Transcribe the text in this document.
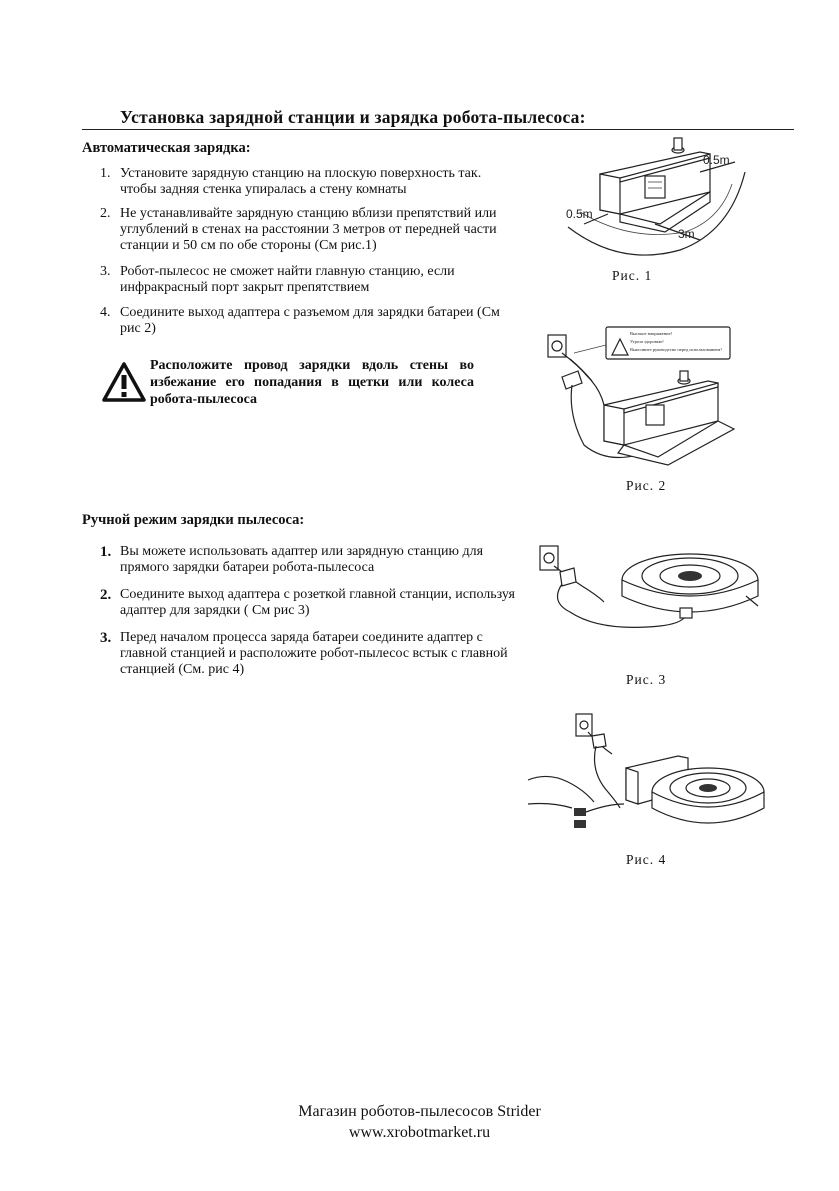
Установка зарядной станции и зарядка робота-пылесоса:
Автоматическая зарядка:
1. Установите зарядную станцию на плоскую поверхность так. чтобы задняя стенка упиралась а стену комнаты
2. Не устанавливайте зарядную станцию вблизи препятствий или углублений в стенах на расстоянии 3 метров от передней части станции и 50 см по обе стороны (См рис.1)
3. Робот-пылесос не сможет найти главную станцию, если инфракрасный порт закрыт препятствием
4. Соедините выход адаптера с разъемом для зарядки батареи (См рис 2)
Расположите провод зарядки вдоль стены во избежание его попадания в щетки или колеса робота-пылесоса
Ручной режим зарядки пылесоса:
1. Вы можете использовать адаптер или зарядную станцию для прямого зарядки батареи робота-пылесоса
2. Соедините выход адаптера с розеткой главной станции, используя адаптер для зарядки ( См рис 3)
3. Перед началом процесса заряда батареи соедините адаптер с главной станцией и расположите робот-пылесос встык с главной станцией (См. рис 4)
0.5m
0.5m
3m
Рис. 1
Высокое напряжение!
Угроза здоровью!
Выполните руководство перед использованием!
Рис. 2
Рис. 3
Рис. 4
Магазин роботов-пылесосов Strider
www.xrobotmarket.ru
